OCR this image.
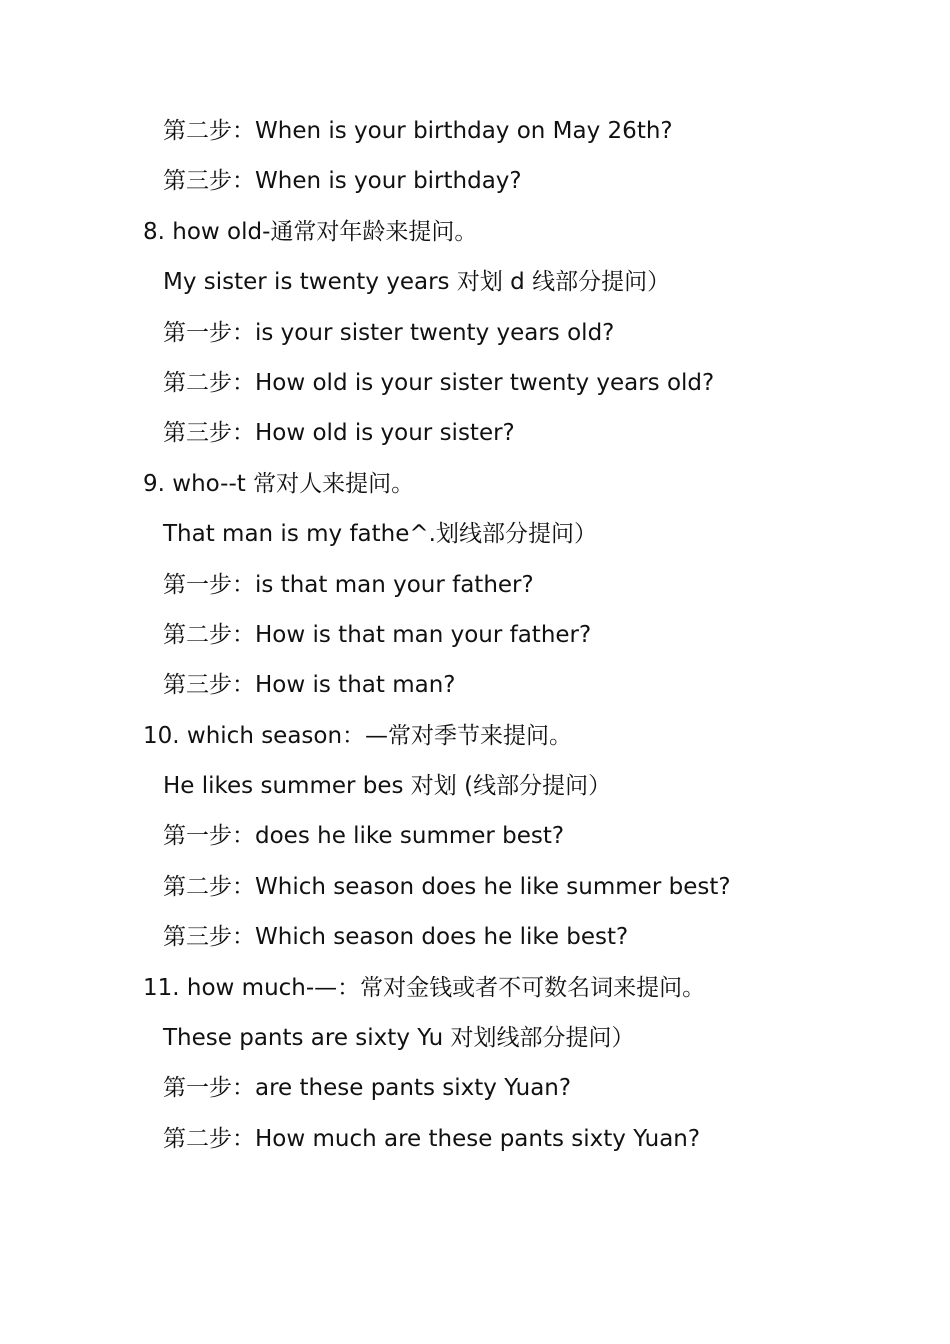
第二步：When is your birthday on May 26th?
第三步：When is your birthday?
8. how old-通常对年龄来提问。
My sister is twenty years 对划 d 线部分提问）
第一步：is your sister twenty years old?
第二步：How old is your sister twenty years old?
第三步：How old is your sister?
9. who--t 常对人来提问。
That man is my fathe^.划线部分提问）
第一步：is that man your father?
第二步：How is that man your father?
第三步：How is that man?
10. which season：—常对季节来提问。
He likes summer bes 对划 (线部分提问）
第一步：does he like summer best?
第二步：Which season does he like summer best?
第三步：Which season does he like best?
11. how much-—：常对金钱或者不可数名词来提问。
These pants are sixty Yu 对划线部分提问）
第一步：are these pants sixty Yuan?
第二步：How much are these pants sixty Yuan?
